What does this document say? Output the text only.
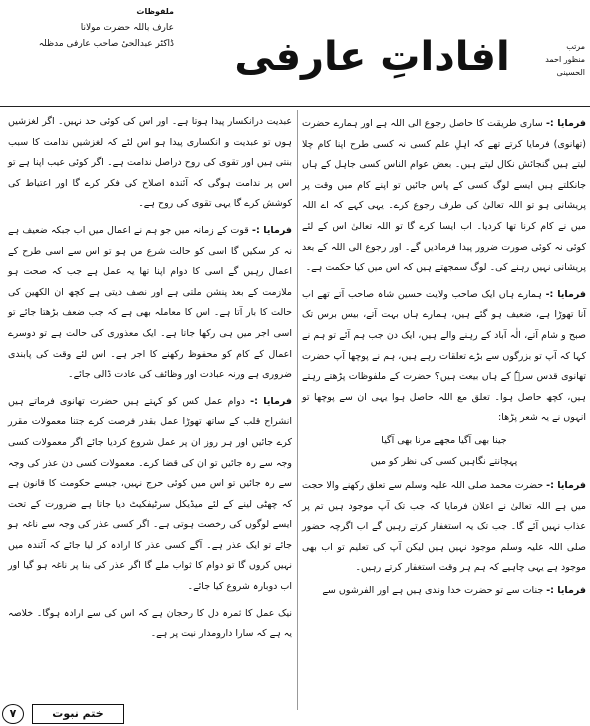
ملفوظات
عارف باللہ حضرت مولانا
ڈاکٹر عبدالحیٔ صاحب عارفی مدظلہ	افاداتِ عارفی	مرتب
منظور احمد الحسینی

فرمایا :- ساری طریقت کا حاصل رجوع الی اللہ ہے اور ہمارے حضرت (تھانوی) فرمایا کرتے تھے کہ اہلِ علم کسی نہ کسی طرح اپنا کام چلا لیتے ہیں گنجائش نکال لیتے ہیں۔ بعض عوام الناس کسی جاہل کے ہاں جانکلتے ہیں ایسے لوگ کسی کے پاس جائیں تو اپنے کام میں وقت پر پریشانی ہو تو اللہ تعالیٰ کی طرف رجوع کرے۔ یہی کہے کہ اے اللہ میں نے کام کرنا تھا کردیا۔ اب ایسا کرے گا تو اللہ تعالیٰ اس کے لئے کوئی نہ کوئی صورت ضرور پیدا فرمادیں گے۔ اور رجوع الی اللہ کے بعد پریشانی نہیں رہنے کی۔ لوگ سمجھتے ہیں کہ اس میں کیا حکمت ہے۔

فرمایا :- ہمارے ہاں ایک صاحب ولایت حسین شاہ صاحب آتے تھے اب آنا تھوڑا ہے، ضعیف ہو گئے ہیں، ہمارے ہاں بہت آتے، بیس برس تک صبح و شام آتے، الٰہ آباد کے رہنے والے ہیں، ایک دن جب ہم آئے تو ہم نے کہا کہ آپ تو بزرگوں سے بڑے تعلقات رہے ہیں، ہم نے پوچھا آپ حضرت تھانوی قدس سرہٗ کے ہاں بیعت ہیں؟ حضرت کے ملفوظات پڑھتے رہتے ہیں، کچھ حاصل ہوا۔ تعلق مع اللہ حاصل ہوا یہی ان سے پوچھا تو انہوں نے یہ شعر پڑھا:

جینا بھی آگیا مجھے مرنا بھی آگیا

پہچانتے نگاہیں کسی کی نظر کو میں

فرمایا :- حضرت محمد صلی اللہ علیہ وسلم سے تعلق رکھنے والا حجت میں ہے اللہ تعالیٰ نے اعلان فرمایا کہ جب تک آپ موجود ہیں تم پر عذاب نہیں آئے گا۔ جب تک یہ استغفار کرتے رہیں گے اب اگرچہ حضور صلی اللہ علیہ وسلم موجود نہیں ہیں لیکن آپ کی تعلیم تو اب بھی موجود ہے یہی چاہیے کہ ہم ہر وقت استغفار کرتے رہیں۔

فرمایا :- جنات سے تو حضرت خدا وندی ہیں ہے اور الفرشوں سے

عبدیت درانکسار پیدا ہوتا ہے۔ اور اس کی کوئی حد نہیں۔ اگر لغزشیں ہوں تو عبدیت و انکساری پیدا ہو اس لئے کہ لغزشیں ندامت کا سبب بنتی ہیں اور تقوی کی روح دراصل ندامت ہے۔ اگر کوئی عیب اپنا ہے تو اس پر ندامت ہوگی کہ آئندہ اصلاح کی فکر کرے گا اور اعتیاط کی کوشش کرے گا یہی تقوی کی روح ہے۔

فرمایا :- قوت کے زمانہ میں جو ہم نے اعمال میں اب جبکہ ضعیف ہے نہ کر سکیں گا اسی کو حالت شرع مں ہو تو اس سے اسی طرح کے اعمال رہیں گے اسی کا دوام اپنا تھا یہ عمل ہے جب کہ صحت ہو ملازمت کے بعد پنشن ملتی ہے اور نصف دیتی ہے کچھ ان الکھین کی حالت کا بار آتا ہے۔ اس کا معاملہ بھی ہے کہ جب ضعف بڑھتا جائے تو اسی اجر میں ہی رکھا جاتا ہے۔ ایک معذوری کی حالت ہے تو دوسرے اعمال کے کام کو محفوظ رکھنے کا اجر ہے۔ اس لئے وقت کی پابندی ضروری ہے ورنہ عبادت اور وظائف کی عادت ڈالی جائے۔

فرمایا :- دوام عمل کس کو کہتے ہیں حضرت تھانوی فرماتے ہیں انشراح قلب کے ساتھ تھوڑا عمل بقدر فرصت کرے جتنا معمولات مقرر کرے جائیں اور ہر روز ان پر عمل شروع کردیا جائے اگر معمولات کسی وجہ سے رہ جائیں تو ان کی قضا کرے۔ معمولات کسی دن عذر کی وجہ سے رہ جائیں تو اس میں کوئی حرج نہیں، جیسے حکومت کا قانون ہے کہ چھٹی لینے کے لئے میڈیکل سرٹیفکیٹ دیا جاتا ہے ضرورت کے تحت ایسے لوگوں کی رخصت ہوتی ہے۔ اگر کسی عذر کی وجہ سے ناغہ ہو جائے تو ایک عذر ہے۔ آگے کسی عذر کا ارادہ کر لیا جائے کہ آئندہ میں نہیں کروں گا تو دوام کا ثواب ملے گا اگر عذر کی بنا پر ناغہ ہو گیا اور اب دوبارہ شروع کیا جائے۔

نیک عمل کا ثمرہ دل کا رحجان ہے کہ اس کی سے ارادہ ہوگا۔ خلاصہ یہ ہے کہ سارا دارومدار نیت پر ہے۔

۷	ختم نبوت
